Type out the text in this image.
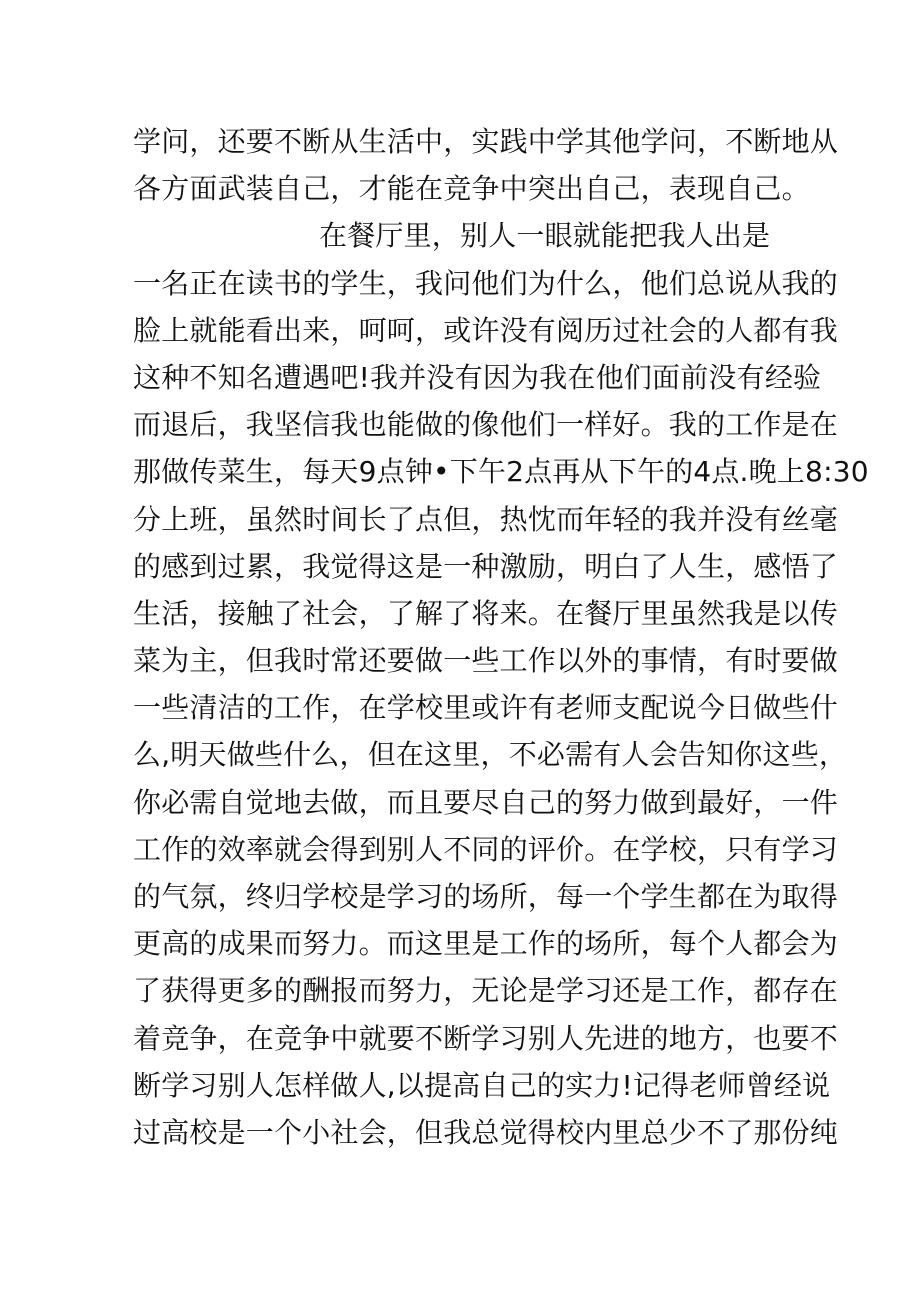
学问，还要不断从生活中，实践中学其他学问，不断地从
各方面武装自己，才能在竞争中突出自己，表现自己。
在餐厅里，别人一眼就能把我人出是
一名正在读书的学生，我问他们为什么，他们总说从我的
脸上就能看出来，呵呵，或许没有阅历过社会的人都有我
这种不知名遭遇吧!我并没有因为我在他们面前没有经验
而退后，我坚信我也能做的像他们一样好。我的工作是在
那做传菜生，每天9点钟•下午2点再从下午的4点.晚上8:30
分上班，虽然时间长了点但，热忱而年轻的我并没有丝毫
的感到过累，我觉得这是一种激励，明白了人生，感悟了
生活，接触了社会，了解了将来。在餐厅里虽然我是以传
菜为主，但我时常还要做一些工作以外的事情，有时要做
一些清洁的工作，在学校里或许有老师支配说今日做些什
么,明天做些什么，但在这里，不必需有人会告知你这些，
你必需自觉地去做，而且要尽自己的努力做到最好，一件
工作的效率就会得到别人不同的评价。在学校，只有学习
的气氛，终归学校是学习的场所，每一个学生都在为取得
更高的成果而努力。而这里是工作的场所，每个人都会为
了获得更多的酬报而努力，无论是学习还是工作，都存在
着竞争，在竞争中就要不断学习别人先进的地方，也要不
断学习别人怎样做人,以提高自己的实力!记得老师曾经说
过高校是一个小社会，但我总觉得校内里总少不了那份纯
